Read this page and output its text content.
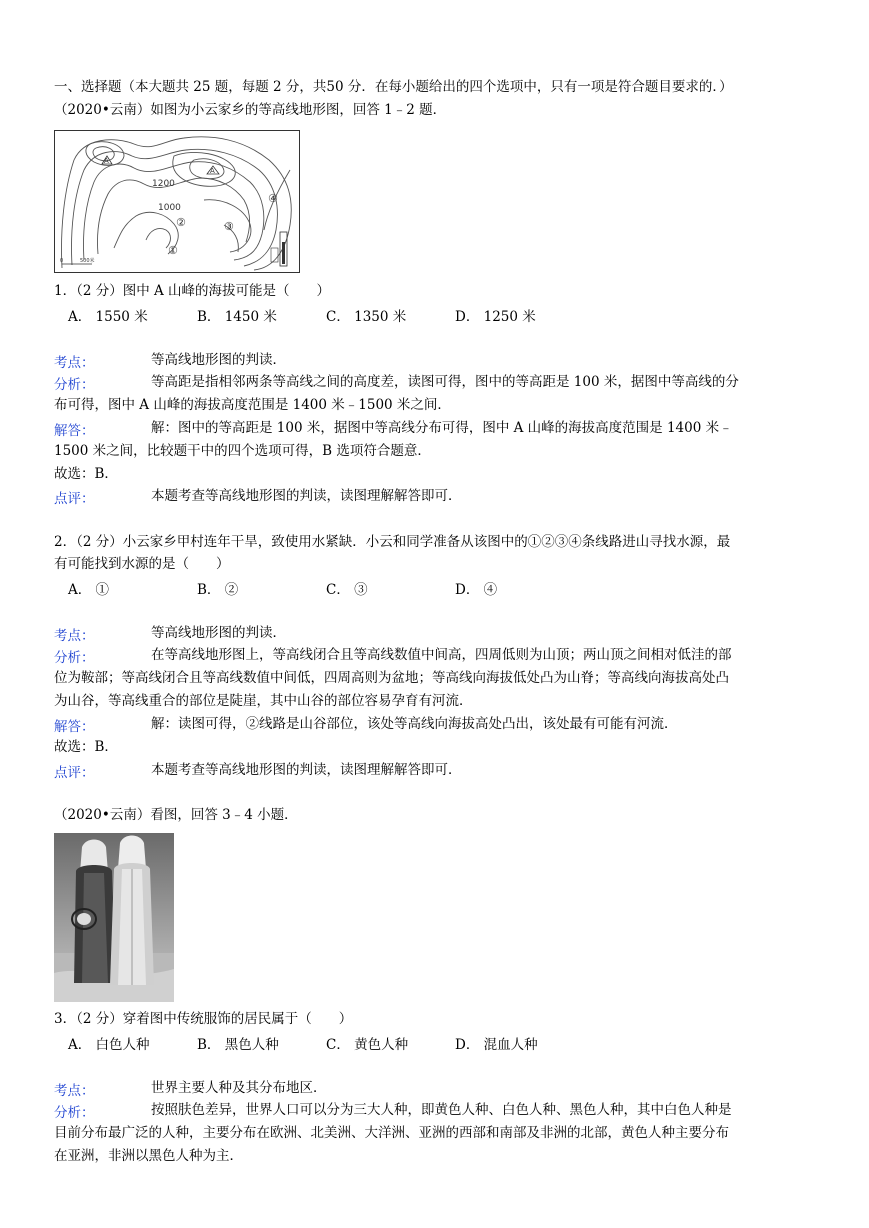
一、选择题（本大题共 25 题，每题 2 分，共50 分．在每小题给出的四个选项中，只有一项是符合题目要求的．）
（2020•云南）如图为小云家乡的等高线地形图，回答 1﹣2 题．
A
A
1200
1000
②	③
④
①
0	500米
1．（2 分）图中 A 山峰的海拔可能是（　　）
A． 1550 米	B． 1450 米	C． 1350 米	D． 1250 米
考点：	等高线地形图的判读．
分析：	等高距是指相邻两条等高线之间的高度差，读图可得，图中的等高距是 100 米，据图中等高线的分
布可得，图中 A 山峰的海拔高度范围是 1400 米﹣1500 米之间．
解答：	解：图中的等高距是 100 米，据图中等高线分布可得，图中 A 山峰的海拔高度范围是 1400 米﹣
1500 米之间，比较题干中的四个选项可得，B 选项符合题意．
故选：B．
点评：	本题考查等高线地形图的判读，读图理解解答即可．
2．（2 分）小云家乡甲村连年干旱，致使用水紧缺．小云和同学准备从该图中的①②③④条线路进山寻找水源，最
有可能找到水源的是（　　）
A． ①	B． ②	C． ③	D． ④
考点：	等高线地形图的判读．
分析：	在等高线地形图上，等高线闭合且等高线数值中间高，四周低则为山顶；两山顶之间相对低洼的部
位为鞍部；等高线闭合且等高线数值中间低，四周高则为盆地；等高线向海拔低处凸为山脊；等高线向海拔高处凸
为山谷，等高线重合的部位是陡崖，其中山谷的部位容易孕育有河流．
解答：	解：读图可得，②线路是山谷部位，该处等高线向海拔高处凸出，该处最有可能有河流．
故选：B．
点评：	本题考查等高线地形图的判读，读图理解解答即可．
（2020•云南）看图，回答 3﹣4 小题．
3．（2 分）穿着图中传统服饰的居民属于（　　）
A． 白色人种	B． 黑色人种	C． 黄色人种	D． 混血人种
考点：	世界主要人种及其分布地区．
分析：	按照肤色差异，世界人口可以分为三大人种，即黄色人种、白色人种、黑色人种，其中白色人种是
目前分布最广泛的人种，主要分布在欧洲、北美洲、大洋洲、亚洲的西部和南部及非洲的北部，黄色人种主要分布
在亚洲，非洲以黑色人种为主．
